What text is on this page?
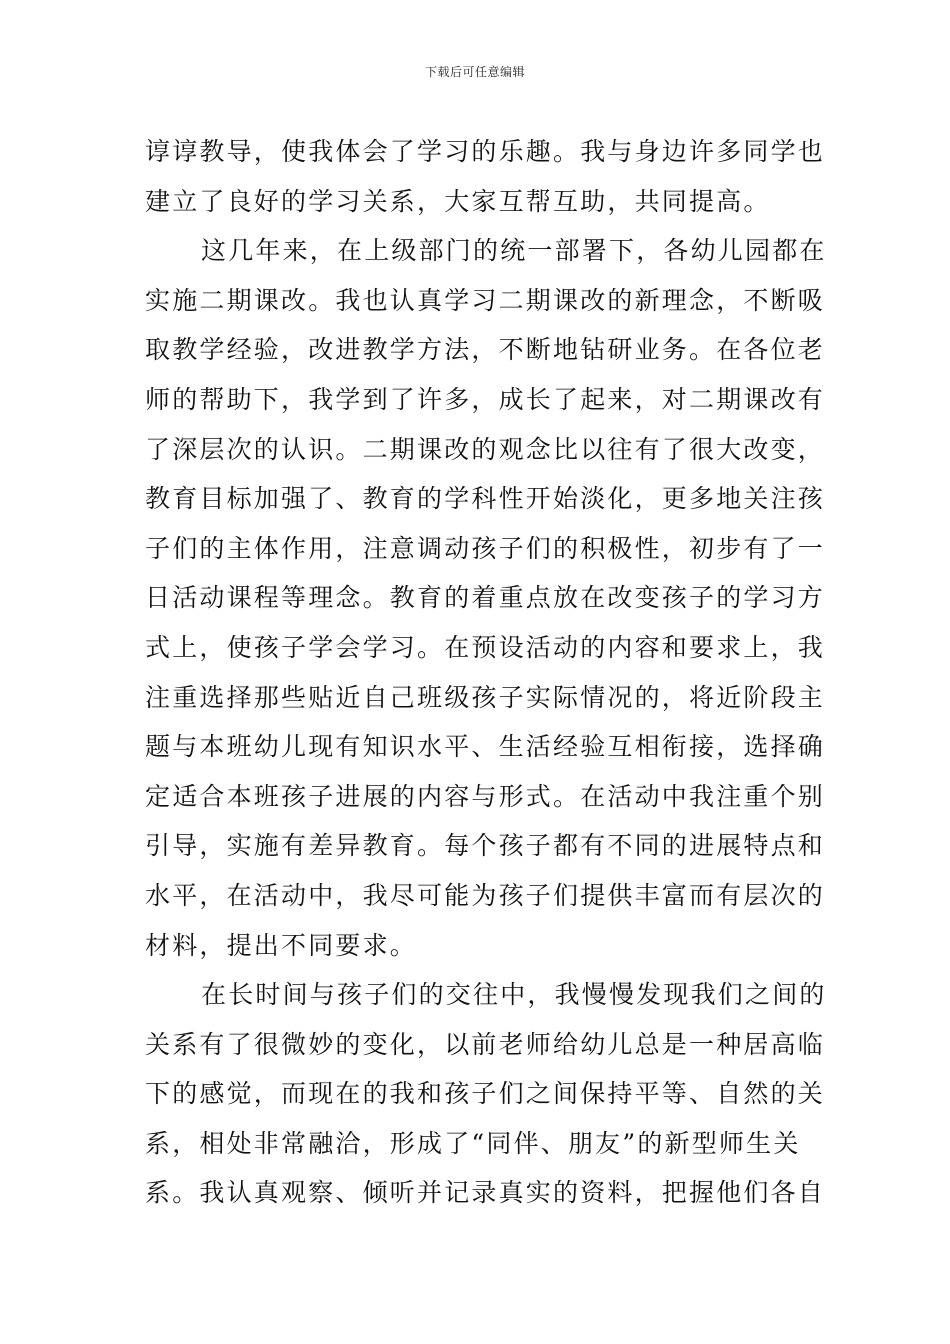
下载后可任意编辑
谆谆教导，使我体会了学习的乐趣。我与身边许多同学也
建立了良好的学习关系，大家互帮互助，共同提高。
这几年来，在上级部门的统一部署下，各幼儿园都在
实施二期课改。我也认真学习二期课改的新理念，不断吸
取教学经验，改进教学方法，不断地钻研业务。在各位老
师的帮助下，我学到了许多，成长了起来，对二期课改有
了深层次的认识。二期课改的观念比以往有了很大改变，
教育目标加强了、教育的学科性开始淡化，更多地关注孩
子们的主体作用，注意调动孩子们的积极性，初步有了一
日活动课程等理念。教育的着重点放在改变孩子的学习方
式上，使孩子学会学习。在预设活动的内容和要求上，我
注重选择那些贴近自己班级孩子实际情况的，将近阶段主
题与本班幼儿现有知识水平、生活经验互相衔接，选择确
定适合本班孩子进展的内容与形式。在活动中我注重个别
引导，实施有差异教育。每个孩子都有不同的进展特点和
水平，在活动中，我尽可能为孩子们提供丰富而有层次的
材料，提出不同要求。
在长时间与孩子们的交往中，我慢慢发现我们之间的
关系有了很微妙的变化，以前老师给幼儿总是一种居高临
下的感觉，而现在的我和孩子们之间保持平等、自然的关
系，相处非常融洽，形成了“同伴、朋友”的新型师生关
系。我认真观察、倾听并记录真实的资料，把握他们各自
